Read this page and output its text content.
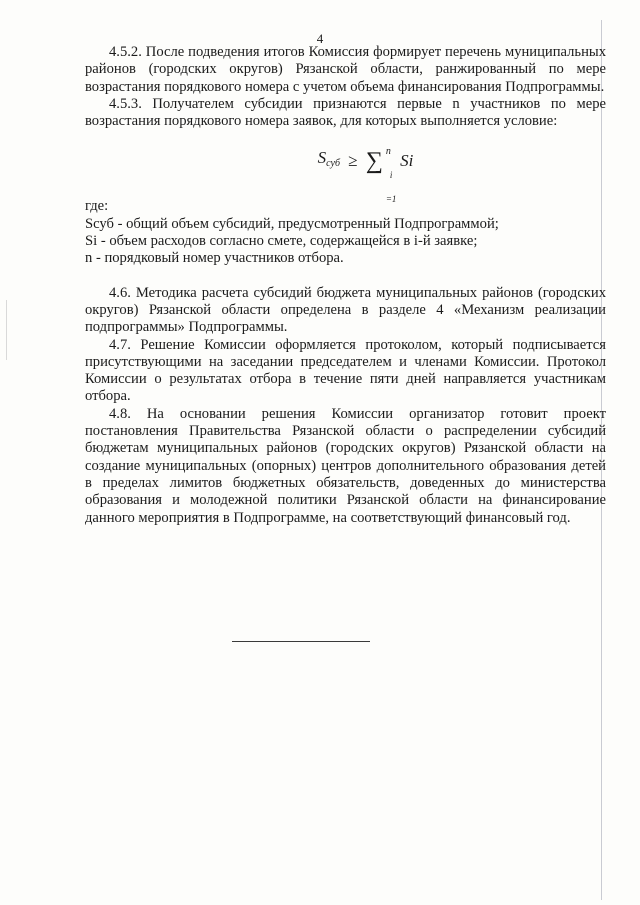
4

4.5.2. После подведения итогов Комиссия формирует перечень муниципальных районов (городских округов) Рязанской области, ранжированный по мере возрастания порядкового номера с учетом объема финансирования Подпрограммы.

4.5.3. Получателем субсидии признаются первые n участников по мере возрастания порядкового номера заявок, для которых выполняется условие:

$S_{суб}$ ≥ ∑ n
i =1
Si

где:

Sсуб - общий объем субсидий, предусмотренный Подпрограммой;

Si - объем расходов согласно смете, содержащейся в i-й заявке;

n - порядковый номер участников отбора.

4.6. Методика расчета субсидий бюджета муниципальных районов (городских округов) Рязанской области определена в разделе 4 «Механизм реализации подпрограммы» Подпрограммы.

4.7. Решение Комиссии оформляется протоколом, который подписывается присутствующими на заседании председателем и членами Комиссии. Протокол Комиссии о результатах отбора в течение пяти дней направляется участникам отбора.

4.8. На основании решения Комиссии организатор готовит проект постановления Правительства Рязанской области о распределении субсидий бюджетам муниципальных районов (городских округов) Рязанской области на создание муниципальных (опорных) центров дополнительного образования детей в пределах лимитов бюджетных обязательств, доведенных до министерства образования и молодежной политики Рязанской области на финансирование данного мероприятия в Подпрограмме, на соответствующий финансовый год.
